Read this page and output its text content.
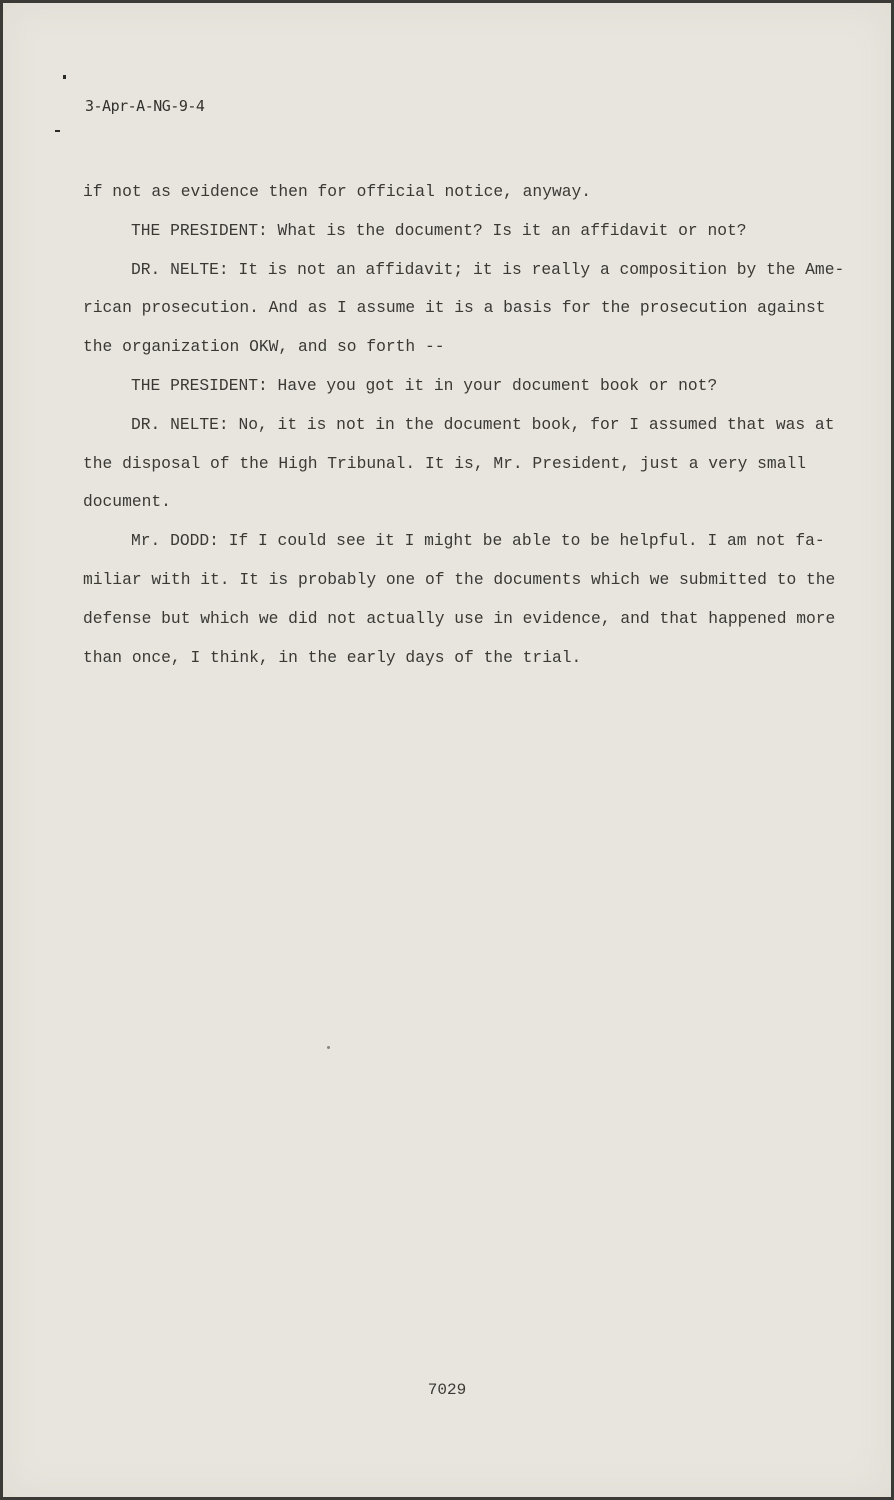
3-Apr-A-NG-9-4

if not as evidence then for official notice, anyway.

THE PRESIDENT: What is the document? Is it an affidavit or not?

DR. NELTE: It is not an affidavit; it is really a composition by the Ame-

rican prosecution. And as I assume it is a basis for the prosecution against

the organization OKW, and so forth --

THE PRESIDENT: Have you got it in your document book or not?

DR. NELTE: No, it is not in the document book, for I assumed that was at

the disposal of the High Tribunal. It is, Mr. President, just a very small

document.

Mr. DODD: If I could see it I might be able to be helpful. I am not fa-

miliar with it. It is probably one of the documents which we submitted to the

defense but which we did not actually use in evidence, and that happened more

than once, I think, in the early days of the trial.

7029
